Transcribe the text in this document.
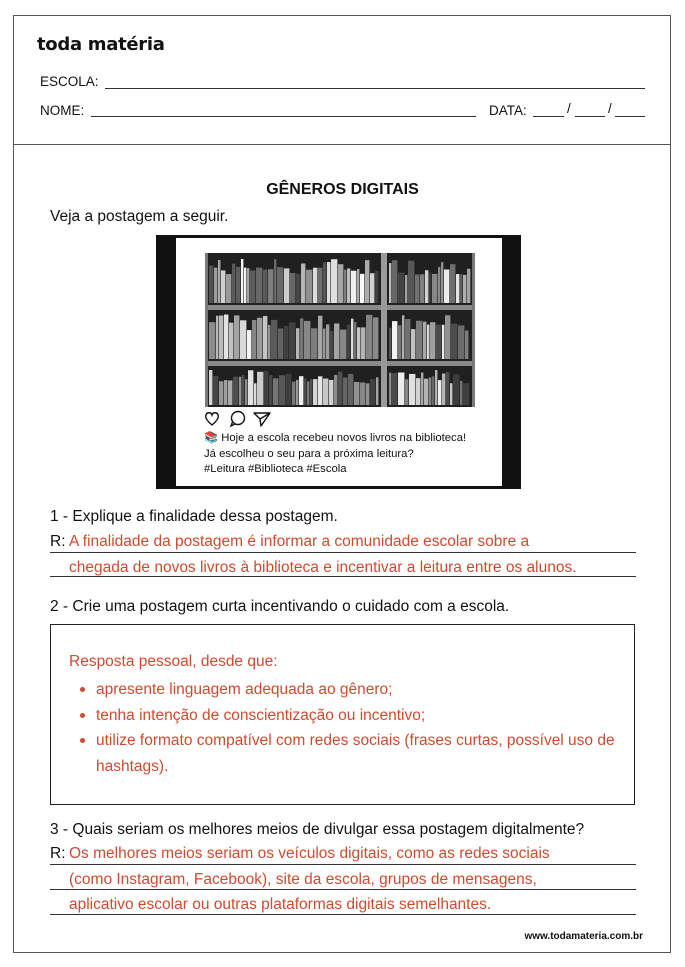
toda matéria
ESCOLA:
NOME:	DATA:	/	/
GÊNEROS DIGITAIS
Veja a postagem a seguir.
📚 Hoje a escola recebeu novos livros na biblioteca!
Já escolheu o seu para a próxima leitura?
#Leitura #Biblioteca #Escola
1 - Explique a finalidade dessa postagem.
R: A finalidade da postagem é informar a comunidade escolar sobre a
chegada de novos livros à biblioteca e incentivar a leitura entre os alunos.
2 - Crie uma postagem curta incentivando o cuidado com a escola.
Resposta pessoal, desde que:
apresente linguagem adequada ao gênero;
tenha intenção de conscientização ou incentivo;
utilize formato compatível com redes sociais (frases curtas, possível uso de hashtags).
3 - Quais seriam os melhores meios de divulgar essa postagem digitalmente?
R: Os melhores meios seriam os veículos digitais, como as redes sociais
(como Instagram, Facebook), site da escola, grupos de mensagens,
aplicativo escolar ou outras plataformas digitais semelhantes.
www.todamateria.com.br
